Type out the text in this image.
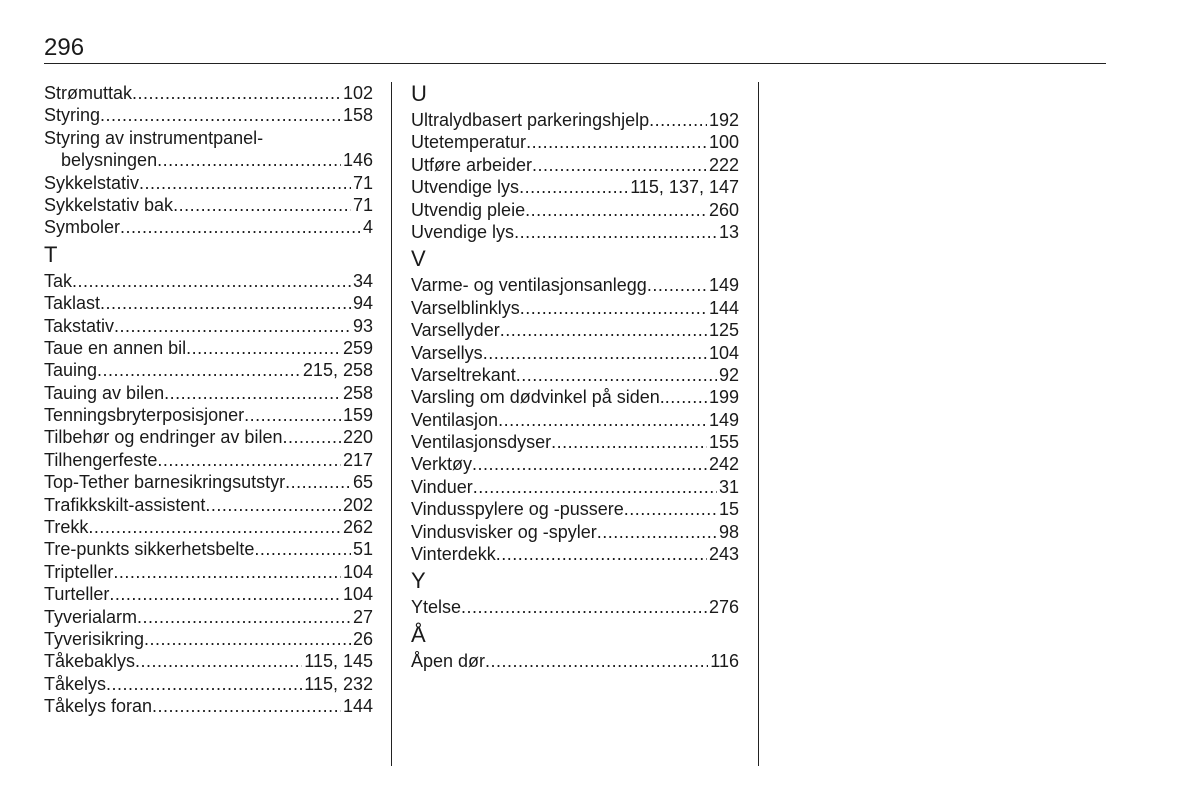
296
Strømuttak .....	102
Styring .....	158
Styring av instrumentpanel-
belysningen .....	146
Sykkelstativ .....	71
Sykkelstativ bak .....	71
Symboler .....	4
T
Tak .....	34
Taklast .....	94
Takstativ .....	93
Taue en annen bil .....	259
Tauing .....	215, 258
Tauing av bilen .....	258
Tenningsbryterposisjoner .....	159
Tilbehør og endringer av bilen .....	220
Tilhengerfeste .....	217
Top-Tether barnesikringsutstyr .....	65
Trafikkskilt-assistent .....	202
Trekk .....	262
Tre-punkts sikkerhetsbelte .....	51
Tripteller .....	104
Turteller .....	104
Tyverialarm .....	27
Tyverisikring .....	26
Tåkebaklys .....	115, 145
Tåkelys .....	115, 232
Tåkelys foran .....	144
U
Ultralydbasert parkeringshjelp .....	192
Utetemperatur .....	100
Utføre arbeider .....	222
Utvendige lys .....	115, 137, 147
Utvendig pleie .....	260
Uvendige lys .....	13
V
Varme- og ventilasjonsanlegg .....	149
Varselblinklys .....	144
Varsellyder .....	125
Varsellys .....	104
Varseltrekant .....	92
Varsling om dødvinkel på siden. ..... 199
Ventilasjon .....	149
Ventilasjonsdyser .....	155
Verktøy .....	242
Vinduer .....	31
Vindusspylere og -pussere .....	15
Vindusvisker og -spyler .....	98
Vinterdekk .....	243
Y
Ytelse .....	276
Å
Åpen dør .....	116
